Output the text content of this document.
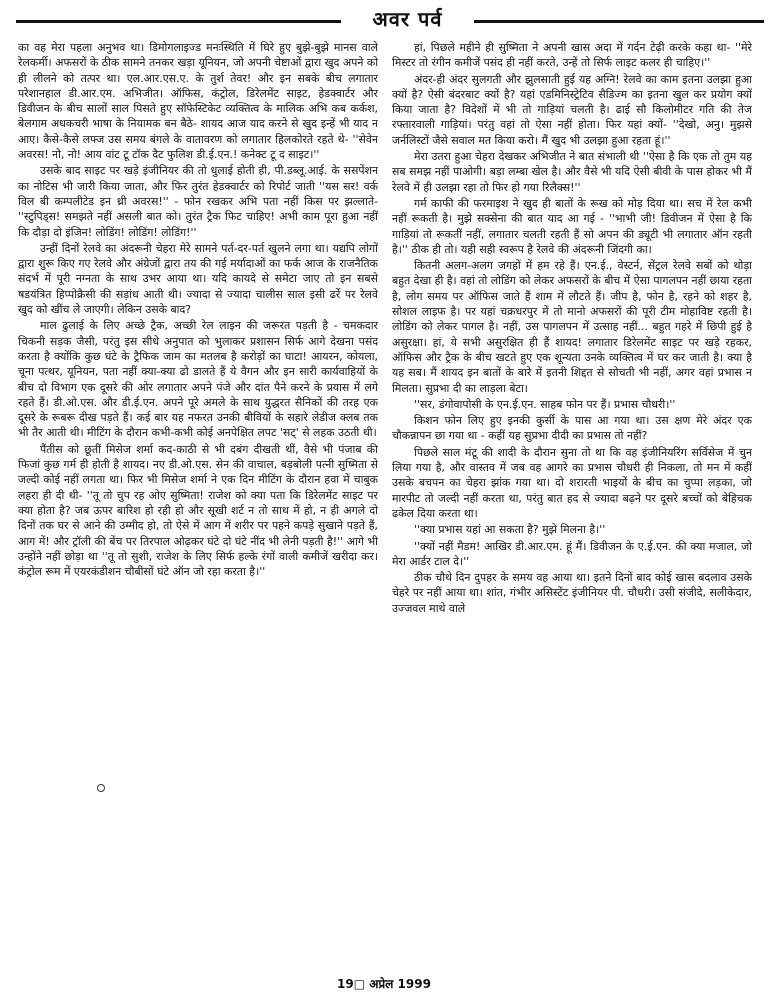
अवर पर्व

का वह मेरा पहला अनुभव था। डिमोगलाइज्ड मनःस्थिति में घिरे हुए बुझे-बुझे मानस वाले रेलकर्मी। अफसरों के ठीक सामने तनकर खड़ा यूनियन, जो अपनी चेष्टाओं द्वारा खुद अपने को ही लीलने को तत्पर था। एल.आर.एस.ए. के तुर्श तेवर! और इन सबके बीच लगातार परेशानहाल डी.आर.एम. अभिजीत। ऑफिस, कंट्रोल, डिरेलमेंट साइट, हेडक्वार्टर और डिवीजन के बीच सालों साल पिसते हुए सॉफेस्टिकेट व्यक्तित्व के मालिक अभि कब कर्कश, बेलगाम अधकचरी भाषा के नियामक बन बैठे- शायद आज याद करने से खुद इन्हें भी याद न आए। कैसे-कैसे लफ्ज उस समय बंगले के वातावरण को लगातार हिलकोरते रहते थे- ''सेवेन अवरस! नो, नो! आय वांट टू टॉक दैट फुलिश डी.ई.एन.! कनेक्ट टू द साइट।''

उसके बाद साइट पर खड़े इंजीनियर की तो धुलाई होती ही, पी.डब्लू.आई. के ससपेंशन का नोटिस भी जारी किया जाता, और फिर तुरंत हेडक्वार्टर को रिपोर्ट जाती ''यस सर! वर्क विल बी कम्पलीटेड इन थ्री अवरस!'' - फोन रखकर अभि पता नहीं किस पर झल्लाते- ''स्टुपिड्स! समझते नहीं असली बात को। तुरंत ट्रैक फिट चाहिए! अभी काम पूरा हुआ नहीं कि दौड़ा दो इंजिन! लोडिंग! लोडिंग! लोडिंग!''

उन्हीं दिनों रेलवे का अंदरूनी चेहरा मेरे सामने पर्त-दर-पर्त खुलने लगा था। यद्यपि लोगों द्वारा शुरू किए गए रेलवे और अंग्रेजों द्वारा तय की गई मर्यादाओं का फर्क आज के राजनैतिक संदर्भ में पूरी नग्नता के साथ उभर आया था। यदि कायदे से समेटा जाए तो इन सबसे षडयंत्रित हिप्पोक्रैसी की सड़ांध आती थी। ज्यादा से ज्यादा चालीस साल इसी ढर्रे पर रेलवे खुद को खींच ले जाएगी। लेकिन उसके बाद?

माल ढुलाई के लिए अच्छे ट्रैक, अच्छी रेल लाइन की जरूरत पड़ती है - चमकदार चिकनी सड़क जैसी, परंतु इस सीधे अनुपात को भुलाकर प्रशासन सिर्फ आगे देखना पसंद करता है क्योंकि कुछ घंटे के ट्रैफिक जाम का मतलब है करोड़ों का घाटा! आयरन, कोयला, चूना पत्थर, यूनियन, पता नहीं क्या-क्या ढो डालते हैं ये वैगन और इन सारी कार्यवाहियों के बीच दो विभाग एक दूसरे की ओर लगातार अपने पंजे और दांत पैने करने के प्रयास में लगे रहते हैं। डी.ओ.एस. और डी.ई.एन. अपने पूरे अमले के साथ युद्धरत सैनिकों की तरह एक दूसरे के रूबरू दीख पड़ते हैं। कई बार यह नफरत उनकी बीवियों के सहारे लेडीज क्लब तक भी तैर आती थी। मीटिंग के दौरान कभी-कभी कोई अनपेक्षित लपट 'सट्' से लहक उठती थी।

पैंतीस को छूतीं मिसेज शर्मा कद-काठी से भी दबंग दीखती थीं, वैसे भी पंजाब की फिजां कुछ गर्म ही होती है शायद। नए डी.ओ.एस. सेन की वाचाल, बड़बोली पत्नी सुष्मिता से जल्दी कोई नहीं लगता था। फिर भी मिसेज शर्मा ने एक दिन मीटिंग के दौरान हवा में चाबुक लहरा ही दी थी- ''तू तो चुप रह ओए सुष्मिता! राजेश को क्या पता कि डिरेलमेंट साइट पर क्या होता है? जब ऊपर बारिश हो रही हो और सूखी शर्ट न तो साथ में हो, न ही अगले दो दिनों तक घर से आने की उम्मीद हो, तो ऐसे में आग में शरीर पर पहने कपड़े सुखाने पड़ते हैं, आग में! और ट्रॉली की बेंच पर तिरपाल ओढ़कर घंटे दो घंटे नींद भी लेनी पड़ती है!'' आगे भी उन्होंने नहीं छोड़ा था ''तू तो सुशी, राजेश के लिए सिर्फ हल्के रंगों वाली कमीजें खरीदा कर। कंट्रोल रूम में एयरकंडीशन चौबीसों घंटे ऑन जो रहा करता है।''

हां, पिछले महीने ही सुष्मिता ने अपनी खास अदा में गर्दन टेढ़ी करके कहा था- ''मेरे मिस्टर तो रंगीन कमीजें पसंद ही नहीं करते, उन्हें तो सिर्फ लाइट कलर ही चाहिए।''

अंदर-ही अंदर सुलगती और झुलसाती हुई यह अग्नि! रेलवे का काम इतना उलझा हुआ क्यों है? ऐसी बंदरबाट क्यों है? यहां एडमिनिस्ट्रेटिव सैडिज्म का इतना खुल कर प्रयोग क्यों किया जाता है? विदेशों में भी तो गाड़ियां चलती है। ढाई सौ किलोमीटर गति की तेज रफ्तारवाली गाड़ियां। परंतु वहां तो ऐसा नहीं होता। फिर यहां क्यों- ''देखो, अनु। मुझसे जर्नलिस्टों जैसे सवाल मत किया करो। मैं खुद भी उलझा हुआ रहता हूं।''

मेरा उतरा हुआ चेहरा देखकर अभिजीत ने बात संभाली थी ''ऐसा है कि एक तो तुम यह सब समझ नहीं पाओगी। बड़ा लम्बा खेल है। और वैसे भी यदि ऐसी बीवी के पास होकर भी मैं रेलवे में ही उलझा रहा तो फिर हो गया रिलैक्स!''

गर्म काफी की फरमाइश ने खुद ही बातों के रूख को मोड़ दिया था। सच में रेल कभी नहीं रूकती है। मुझे सक्सेना की बात याद आ गई - ''भाभी जी! डिवीजन में ऐसा है कि गाड़ियां तो रूकतीं नहीं, लगातार चलती रहती हैं सो अपन की ड्यूटी भी लगातार ऑन रहती है।'' ठीक ही तो। यही सही स्वरूप है रेलवे की अंदरूनी जिंदगी का।

कितनी अलग-अलग जगहों में हम रहे हैं। एन.ई., वेस्टर्न, सेंट्रल रेलवे सबों को थोड़ा बहुत देखा ही है। वहां तो लोडिंग को लेकर अफसरों के बीच में ऐसा पागलपन नहीं छाया रहता है, लोग समय पर ऑफिस जाते हैं शाम में लौटते हैं। जीप है, फोन है, रहने को शहर है, सोशल लाइफ है। पर यहां चक्रधरपुर में तो मानो अफसरों की पूरी टीम मोहाविष्ट रहती है। लोडिंग को लेकर पागल है। नहीं, उस पागलपन में उत्साह नहीं... बहुत गहरे में छिपी हुई है असुरक्षा। हां, ये सभी असुरक्षित ही हैं शायद! लगातार डिरेलमेंट साइट पर खड़े रहकर, ऑफिस और ट्रैक के बीच खटते हुए एक शून्यता उनके व्यक्तित्व में घर कर जाती है। क्या है यह सब। मैं शायद इन बातों के बारे में इतनी शिद्दत से सोचती भी नहीं, अगर वहां प्रभास न मिलता। सुप्रभा दी का लाड़ला बेटा।

''सर, डंगोवापोसी के एन.ई.एन. साहब फोन पर हैं। प्रभास चौधरी।''

किशन फोन लिए हुए इनकी कुर्सी के पास आ गया था। उस क्षण मेरे अंदर एक चौकन्नापन छा गया था - कहीं यह सुप्रभा दीदी का प्रभास तो नहीं?

पिछले साल मंटू की शादी के दौरान सुना तो था कि वह इंजीनियरिंग सर्विसेज में चुन लिया गया है, और वास्तव में जब वह आगरे का प्रभास चौधरी ही निकला, तो मन में कहीं उसके बचपन का चेहरा झांक गया था। दो शरारती भाइयों के बीच का चुप्पा लड़का, जो मारपीट तो जल्दी नहीं करता था, परंतु बात हद से ज्यादा बढ़ने पर दूसरे बच्चों को बेहिचक ढकेल दिया करता था।

''क्या प्रभास यहां आ सकता है? मुझे मिलना है।''

''क्यों नहीं मैडम! आखिर डी.आर.एम. हूं मैं। डिवीजन के ए.ई.एन. की क्या मजाल, जो मेरा आर्डर टाल दे।''

ठीक चौथे दिन दुपहर के समय वह आया था। इतने दिनों बाद कोई खास बदलाव उसके चेहरे पर नहीं आया था। शांत, गंभीर असिस्टेंट इंजीनियर पी. चौधरी। उसी संजीदे, सलीकेदार, उज्जवल माथे वाले

19□ अप्रेल 1999
